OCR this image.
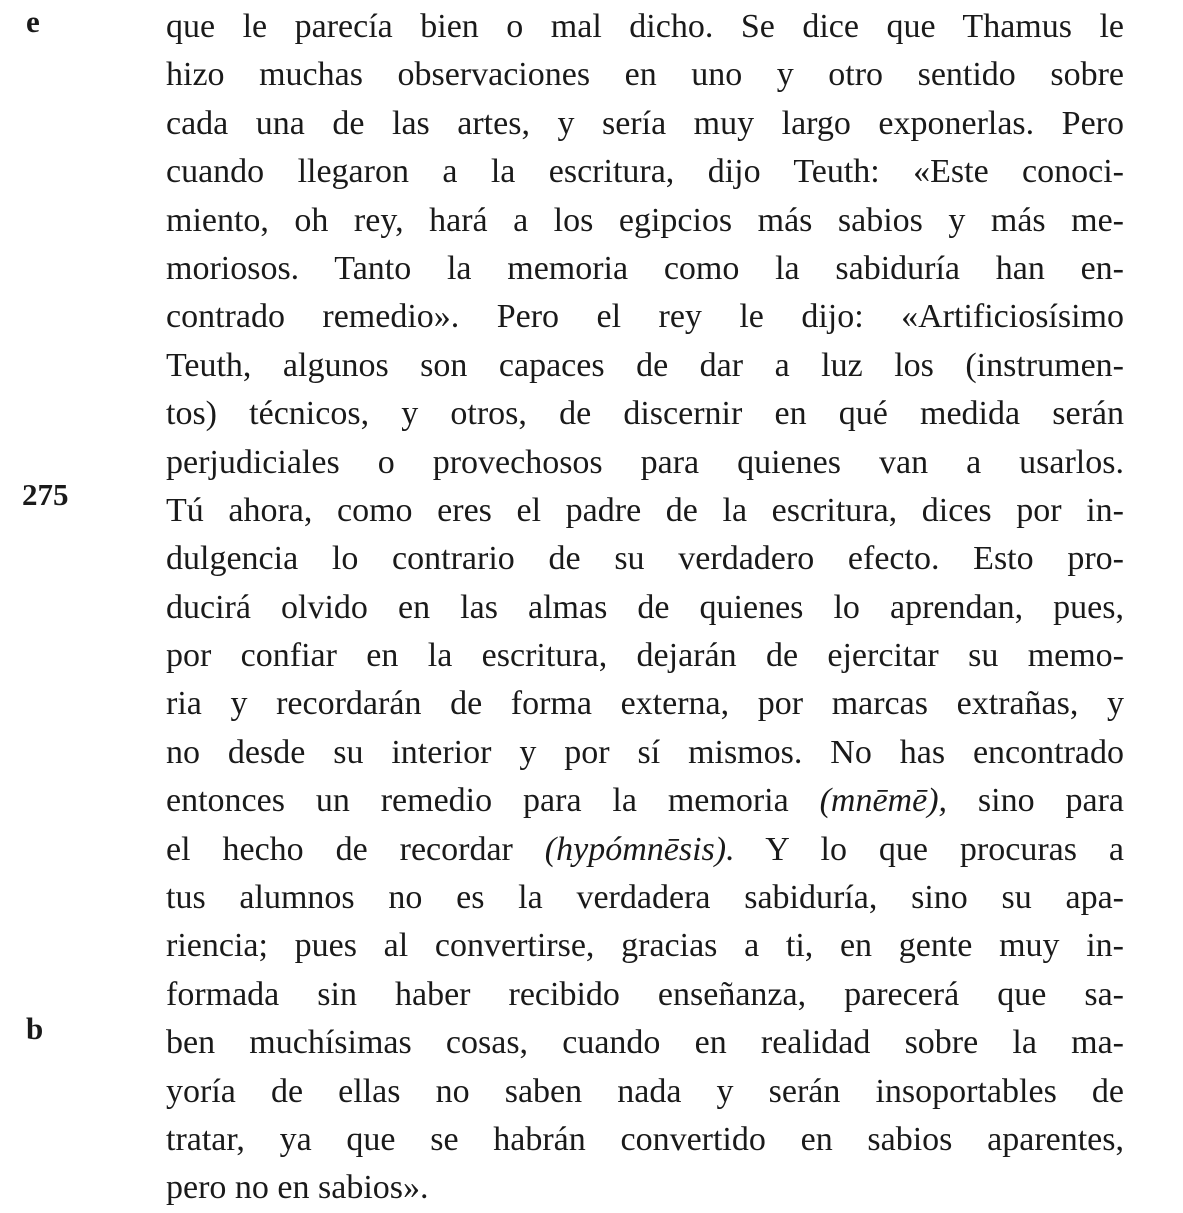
e
275
b
que le parecía bien o mal dicho. Se dice que Thamus le
hizo muchas observaciones en uno y otro sentido sobre
cada una de las artes, y sería muy largo exponerlas. Pero
cuando llegaron a la escritura, dijo Teuth: «Este conoci-
miento, oh rey, hará a los egipcios más sabios y más me-
moriosos. Tanto la memoria como la sabiduría han en-
contrado remedio». Pero el rey le dijo: «Artificiosísimo
Teuth, algunos son capaces de dar a luz los (instrumen-
tos) técnicos, y otros, de discernir en qué medida serán
perjudiciales o provechosos para quienes van a usarlos.
Tú ahora, como eres el padre de la escritura, dices por in-
dulgencia lo contrario de su verdadero efecto. Esto pro-
ducirá olvido en las almas de quienes lo aprendan, pues,
por confiar en la escritura, dejarán de ejercitar su memo-
ria y recordarán de forma externa, por marcas extrañas, y
no desde su interior y por sí mismos. No has encontrado
entonces un remedio para la memoria (mnēmē), sino para
el hecho de recordar (hypómnēsis). Y lo que procuras a
tus alumnos no es la verdadera sabiduría, sino su apa-
riencia; pues al convertirse, gracias a ti, en gente muy in-
formada sin haber recibido enseñanza, parecerá que sa-
ben muchísimas cosas, cuando en realidad sobre la ma-
yoría de ellas no saben nada y serán insoportables de
tratar, ya que se habrán convertido en sabios aparentes,
pero no en sabios».
